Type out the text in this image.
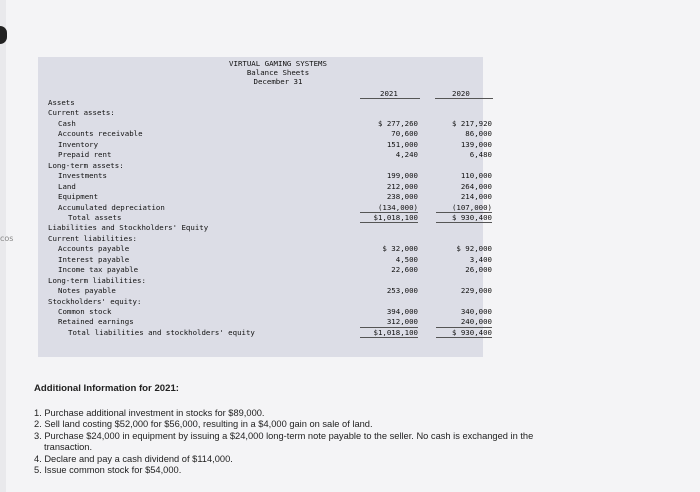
cos
VIRTUAL GAMING SYSTEMS
Balance Sheets
December 31
2021	2020
Assets
Current assets:
Cash	$ 277,260	$ 217,920
Accounts receivable	70,600	86,000
Inventory	151,000	139,000
Prepaid rent	4,240	6,480
Long-term assets:
Investments	199,000	110,000
Land	212,000	264,000
Equipment	238,000	214,000
Accumulated depreciation	(134,000)	(107,000)
Total assets	$1,018,100	$ 930,400
Liabilities and Stockholders' Equity
Current liabilities:
Accounts payable	$ 32,000	$ 92,000
Interest payable	4,500	3,400
Income tax payable	22,600	26,000
Long-term liabilities:
Notes payable	253,000	229,000
Stockholders' equity:
Common stock	394,000	340,000
Retained earnings	312,000	240,000
Total liabilities and stockholders' equity	$1,018,100	$ 930,400
Additional Information for 2021:
1. Purchase additional investment in stocks for $89,000.
2. Sell land costing $52,000 for $56,000, resulting in a $4,000 gain on sale of land.
3. Purchase $24,000 in equipment by issuing a $24,000 long-term note payable to the seller. No cash is exchanged in the
transaction.
4. Declare and pay a cash dividend of $114,000.
5. Issue common stock for $54,000.
